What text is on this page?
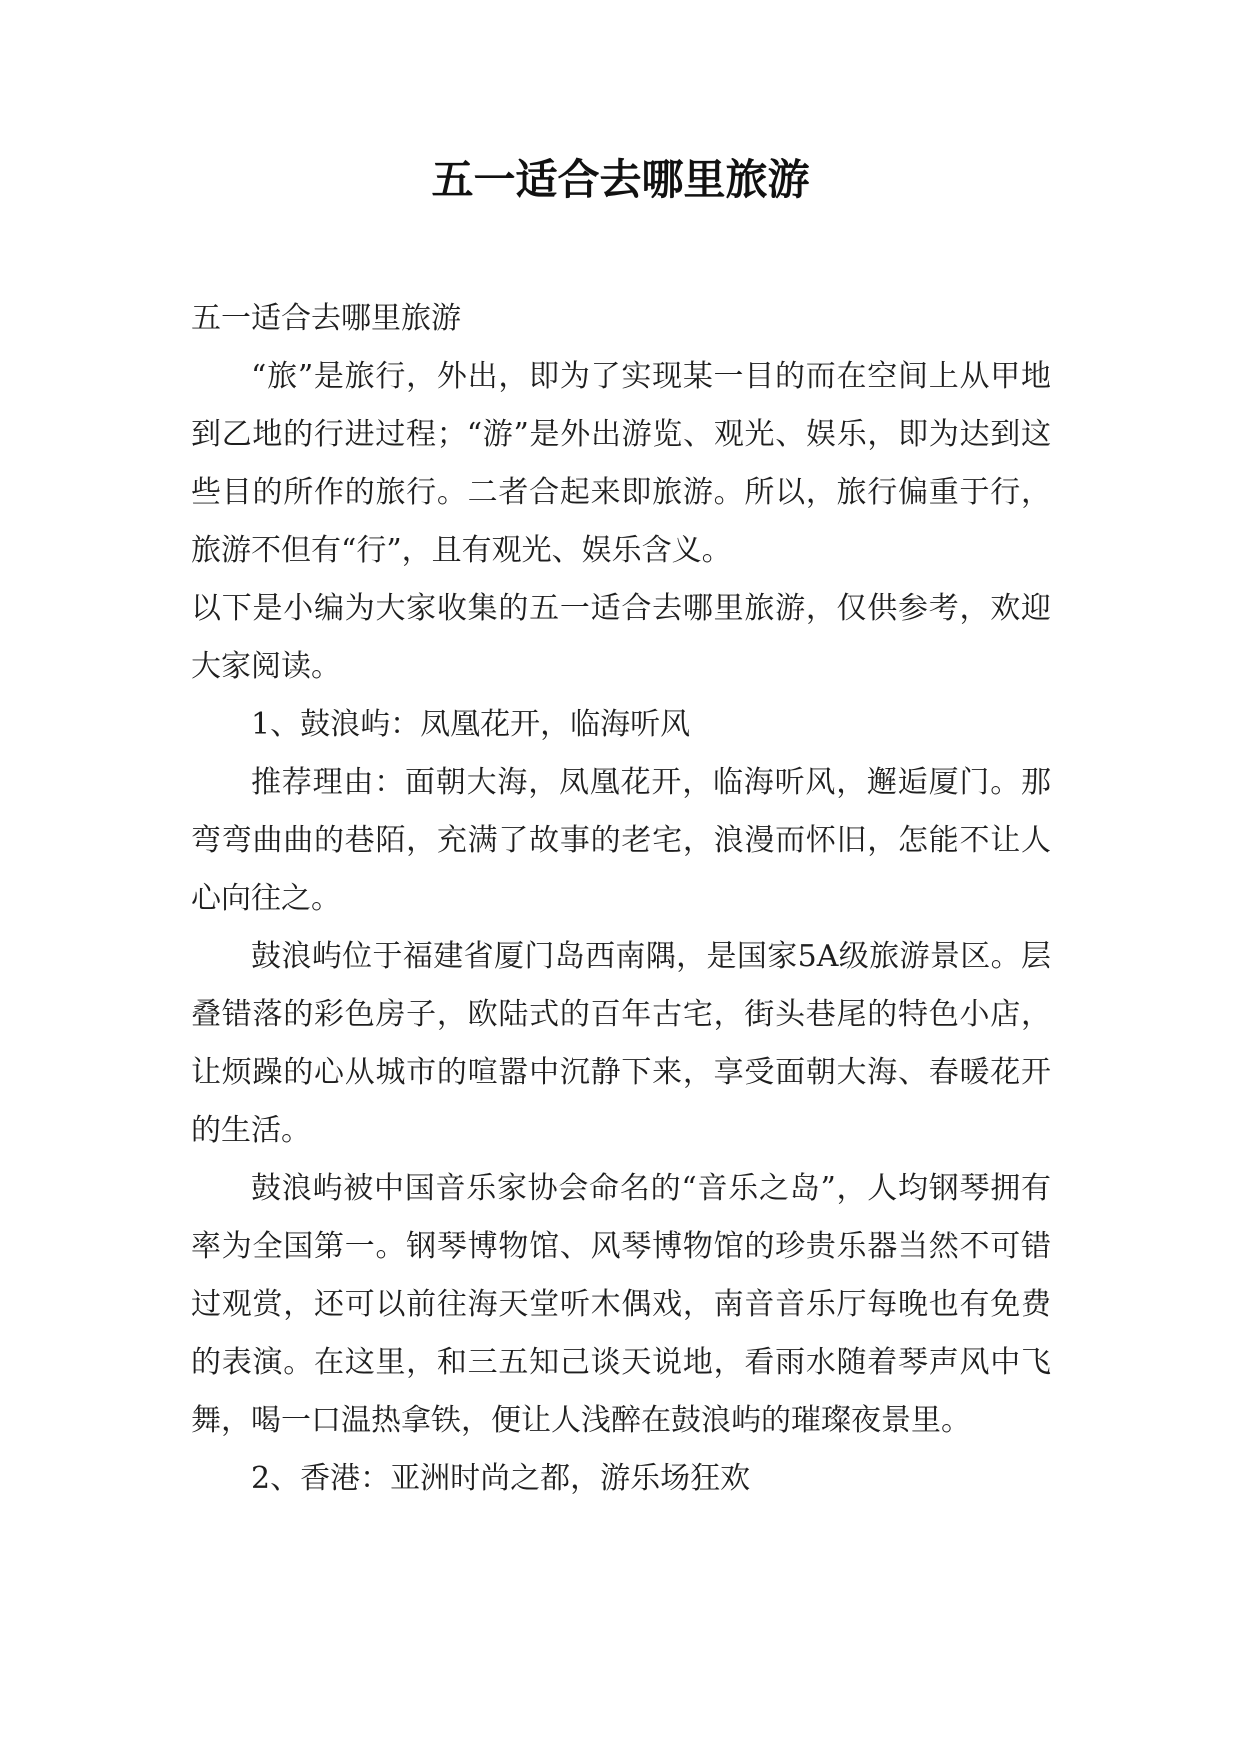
五一适合去哪里旅游

五一适合去哪里旅游

“旅”是旅行，外出，即为了实现某一目的而在空间上从甲地到乙地的行进过程；“游”是外出游览、观光、娱乐，即为达到这些目的所作的旅行。二者合起来即旅游。所以，旅行偏重于行，旅游不但有“行”，且有观光、娱乐含义。

以下是小编为大家收集的五一适合去哪里旅游，仅供参考，欢迎大家阅读。

1、鼓浪屿：凤凰花开，临海听风

推荐理由：面朝大海，凤凰花开，临海听风，邂逅厦门。那弯弯曲曲的巷陌，充满了故事的老宅，浪漫而怀旧，怎能不让人心向往之。

鼓浪屿位于福建省厦门岛西南隅，是国家5A级旅游景区。层叠错落的彩色房子，欧陆式的百年古宅，街头巷尾的特色小店，让烦躁的心从城市的喧嚣中沉静下来，享受面朝大海、春暖花开的生活。

鼓浪屿被中国音乐家协会命名的“音乐之岛”，人均钢琴拥有率为全国第一。钢琴博物馆、风琴博物馆的珍贵乐器当然不可错过观赏，还可以前往海天堂听木偶戏，南音音乐厅每晚也有免费的表演。在这里，和三五知己谈天说地，看雨水随着琴声风中飞舞，喝一口温热拿铁，便让人浅醉在鼓浪屿的璀璨夜景里。

2、香港：亚洲时尚之都，游乐场狂欢
